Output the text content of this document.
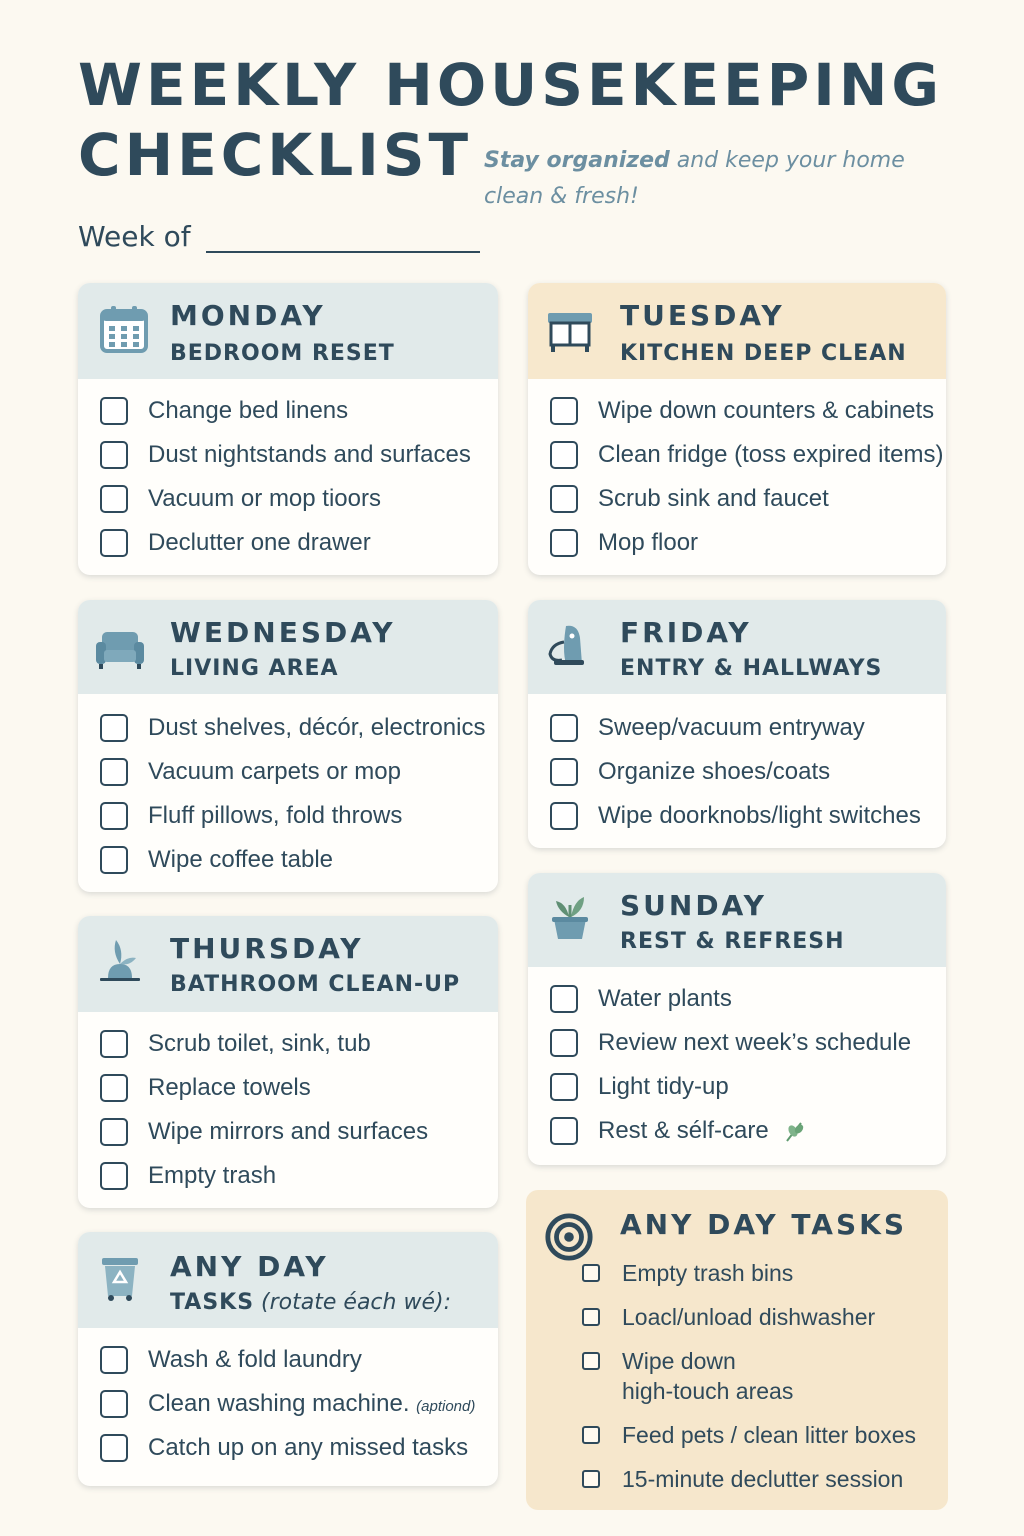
WEEKLY HOUSEKEEPING
CHECKLIST Stay organized and keep your home clean & fresh!
Week of
MONDAY
BEDROOM RESET
Change bed linens
Dust nightstands and surfaces
Vacuum or mop tioors
Declutter one drawer
TUESDAY
KITCHEN DEEP CLEAN
Wipe down counters & cabinets
Clean fridge (toss expired items)
Scrub sink and faucet
Mop floor
WEDNESDAY
LIVING AREA
Dust shelves, décór, electronics
Vacuum carpets or mop
Fluff pillows, fold throws
Wipe coffee table
FRIDAY
ENTRY & HALLWAYS
Sweep/vacuum entryway
Organize shoes/coats
Wipe doorknobs/light switches
THURSDAY
BATHROOM CLEAN-UP
Scrub toilet, sink, tub
Replace towels
Wipe mirrors and surfaces
Empty trash
SUNDAY
REST & REFRESH
Water plants
Review next week’s schedule
Light tidy-up
Rest & sélf-care
ANY DAY
TASKS (rotate éach wé):
Wash & fold laundry
Clean washing machine. (aptiond)
Catch up on any missed tasks
ANY DAY TASKS
Empty trash bins
Loacl/unload dishwasher
Wipe down
high-touch areas
Feed pets / clean litter boxes
15-minute declutter session
